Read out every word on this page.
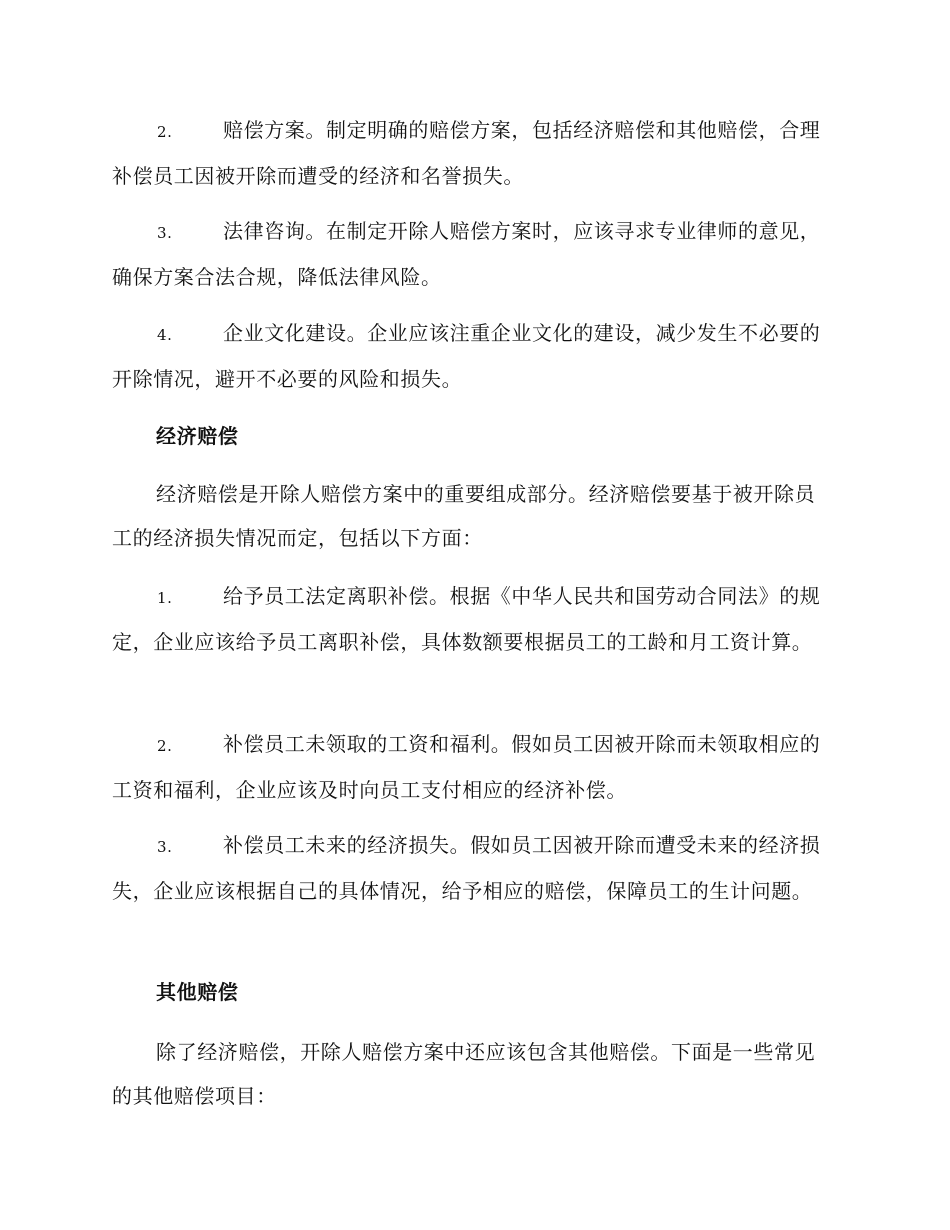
2.	赔偿方案。制定明确的赔偿方案，包括经济赔偿和其他赔偿，合理补偿员工因被开除而遭受的经济和名誉损失。
3.	法律咨询。在制定开除人赔偿方案时，应该寻求专业律师的意见，确保方案合法合规，降低法律风险。
4.	企业文化建设。企业应该注重企业文化的建设，减少发生不必要的开除情况，避开不必要的风险和损失。
经济赔偿
经济赔偿是开除人赔偿方案中的重要组成部分。经济赔偿要基于被开除员工的经济损失情况而定，包括以下方面：
1.	给予员工法定离职补偿。根据《中华人民共和国劳动合同法》的规定，企业应该给予员工离职补偿，具体数额要根据员工的工龄和月工资计算。
2.	补偿员工未领取的工资和福利。假如员工因被开除而未领取相应的工资和福利，企业应该及时向员工支付相应的经济补偿。
3.	补偿员工未来的经济损失。假如员工因被开除而遭受未来的经济损失，企业应该根据自己的具体情况，给予相应的赔偿，保障员工的生计问题。
其他赔偿
除了经济赔偿，开除人赔偿方案中还应该包含其他赔偿。下面是一些常见的其他赔偿项目：
